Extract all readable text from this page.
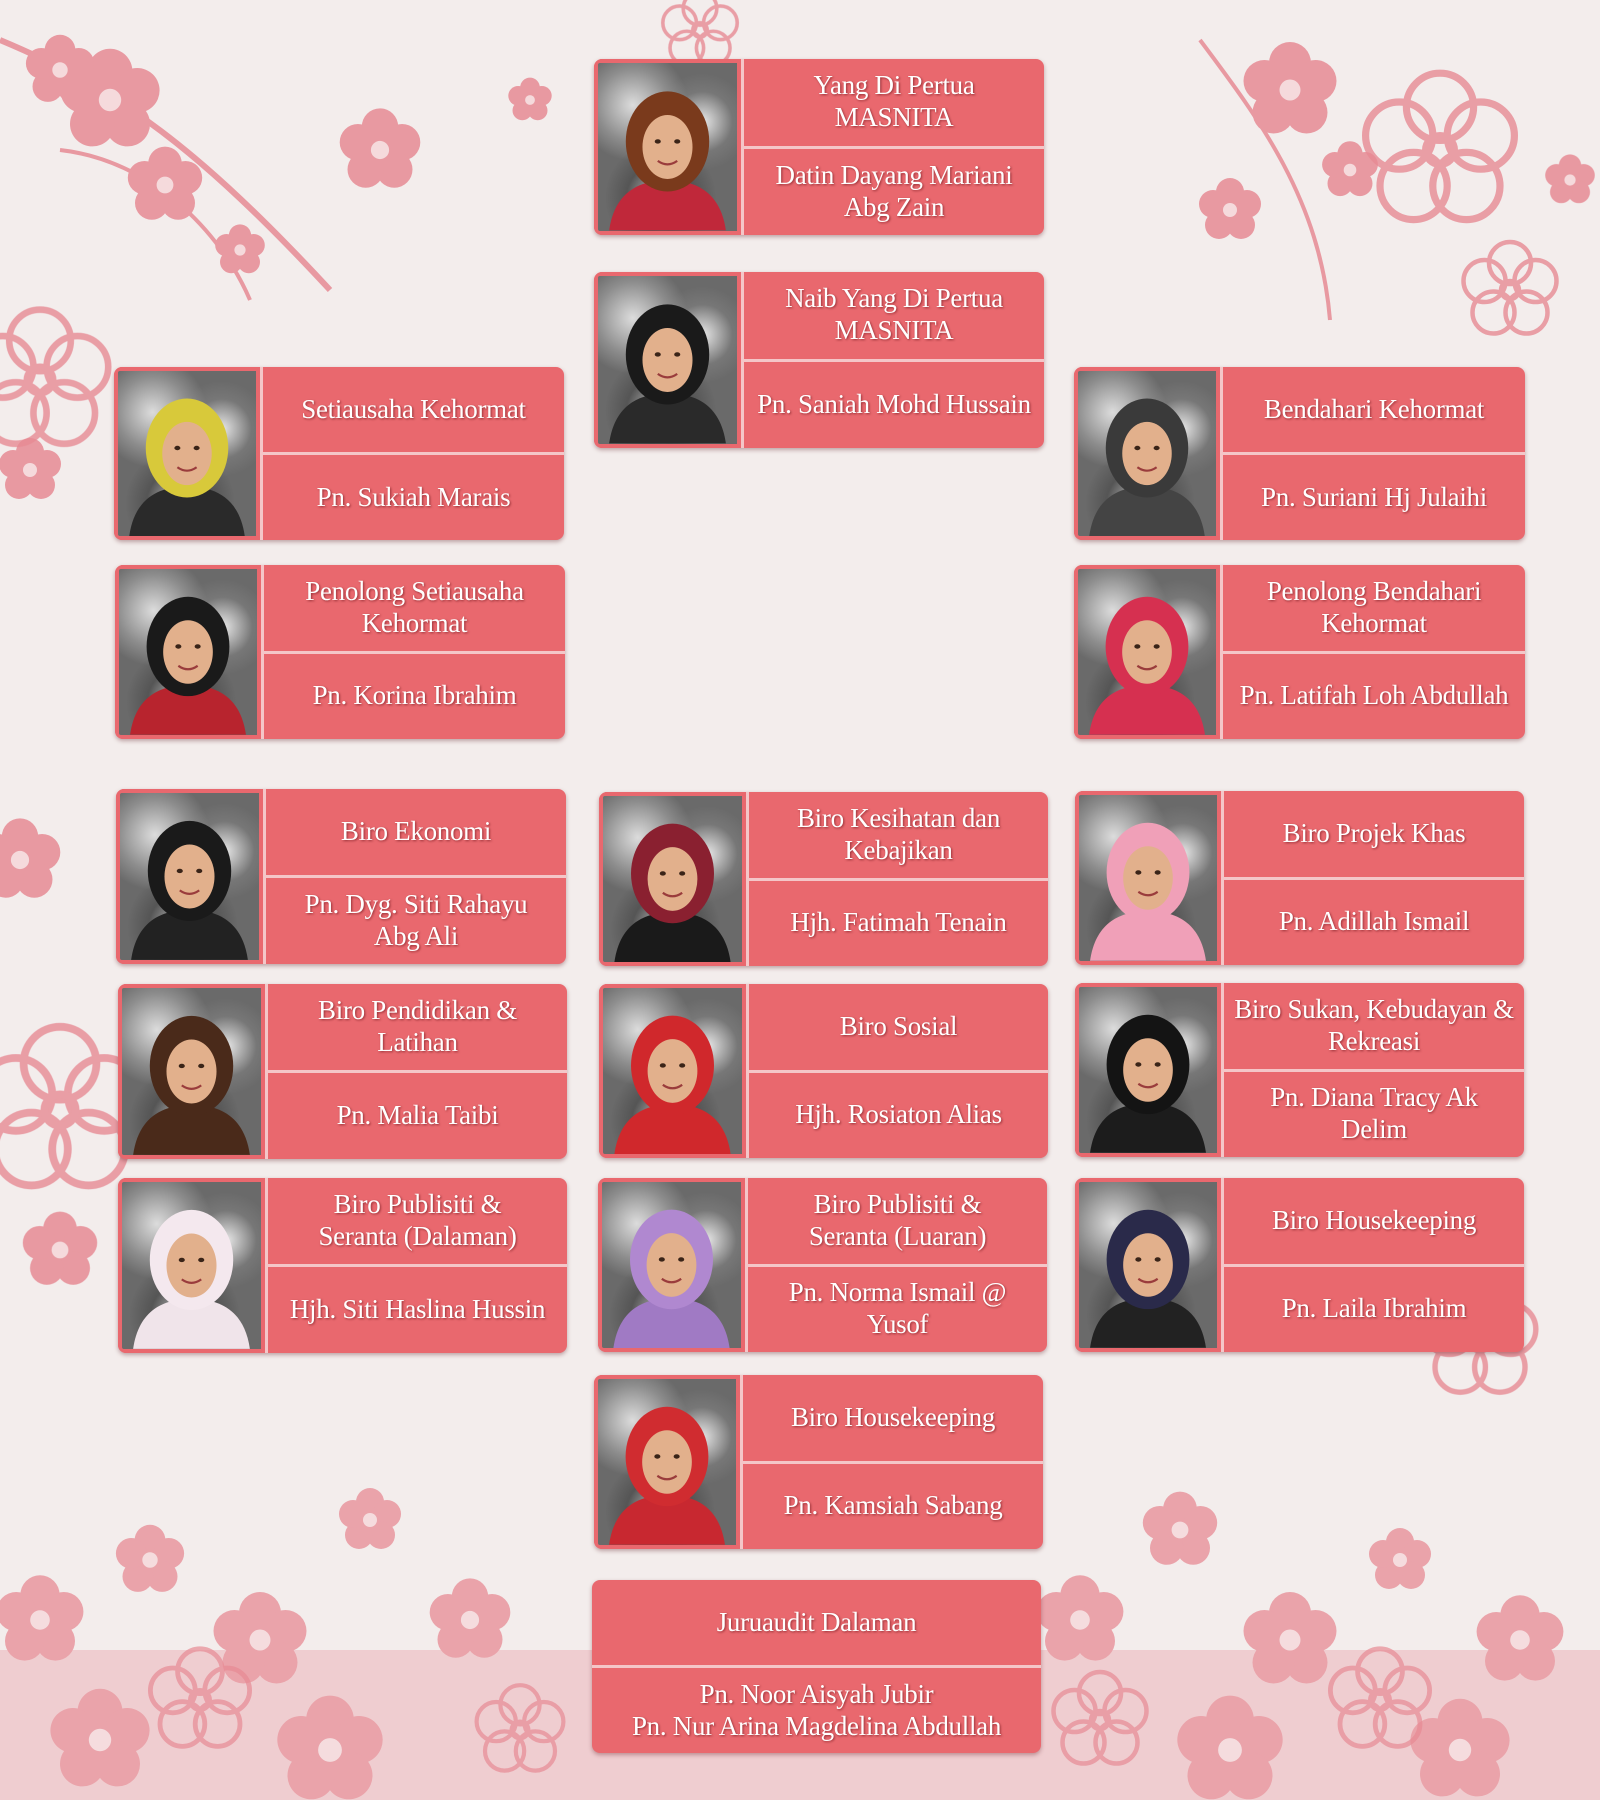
Yang Di Pertua MASNITA
Datin Dayang Mariani
Abg Zain
Naib Yang Di Pertua
MASNITA
Pn. Saniah Mohd Hussain
Setiausaha Kehormat
Pn. Sukiah Marais
Bendahari Kehormat
Pn. Suriani Hj Julaihi
Penolong Setiausaha
Kehormat
Pn. Korina Ibrahim
Penolong Bendahari
Kehormat
Pn. Latifah Loh Abdullah
Biro Ekonomi
Pn. Dyg. Siti Rahayu
Abg Ali
Biro Kesihatan dan
Kebajikan
Hjh. Fatimah Tenain
Biro Projek Khas
Pn. Adillah Ismail
Biro Pendidikan &
Latihan
Pn. Malia Taibi
Biro Sosial
Hjh. Rosiaton Alias
Biro Sukan, Kebudayan &
Rekreasi
Pn. Diana Tracy Ak Delim
Biro Publisiti &
Seranta (Dalaman)
Hjh. Siti Haslina Hussin
Biro Publisiti &
Seranta (Luaran)
Pn. Norma Ismail @ Yusof
Biro Housekeeping
Pn. Laila Ibrahim
Biro Housekeeping
Pn. Kamsiah Sabang
Juruaudit Dalaman
Pn. Noor Aisyah Jubir
Pn. Nur Arina Magdelina Abdullah
